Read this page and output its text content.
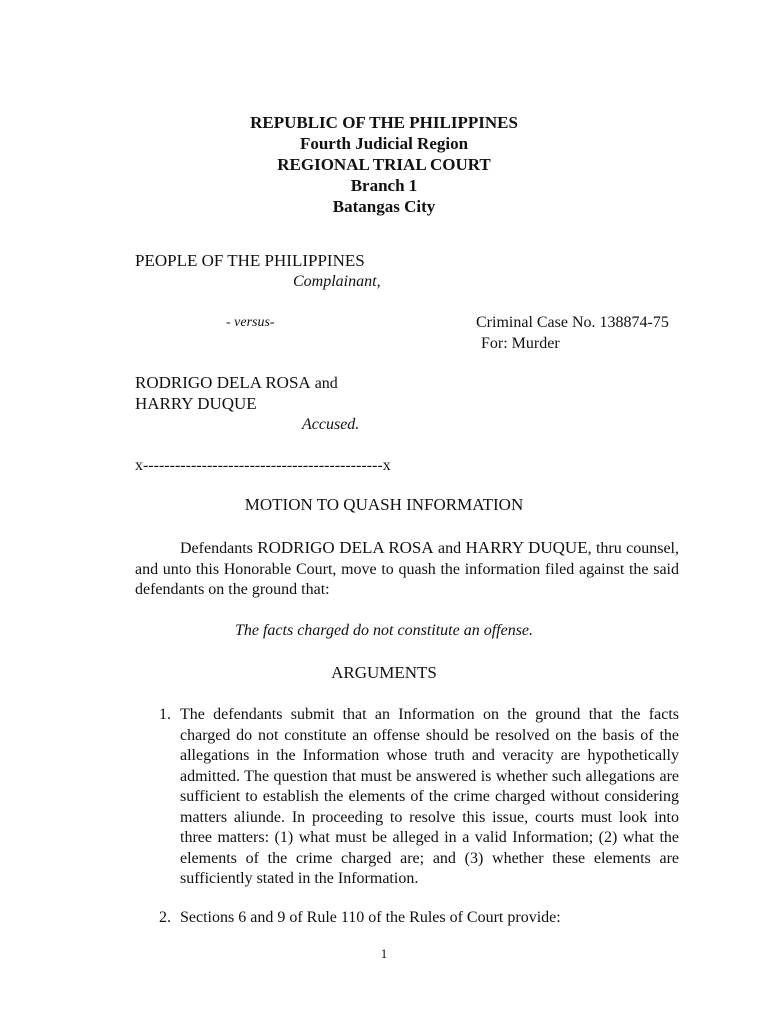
REPUBLIC OF THE PHILIPPINES
Fourth Judicial Region
REGIONAL TRIAL COURT
Branch 1
Batangas City
PEOPLE OF THE PHILIPPINES
Complainant,
- versus-	Criminal Case No. 138874-75
For: Murder
RODRIGO DELA ROSA and
HARRY DUQUE
Accused.
x---------------------------------------------x
MOTION TO QUASH INFORMATION
Defendants RODRIGO DELA ROSA and HARRY DUQUE, thru counsel, and unto this Honorable Court, move to quash the information filed against the said defendants on the ground that:
The facts charged do not constitute an offense.
ARGUMENTS
1. The defendants submit that an Information on the ground that the facts charged do not constitute an offense should be resolved on the basis of the allegations in the Information whose truth and veracity are hypothetically admitted. The question that must be answered is whether such allegations are sufficient to establish the elements of the crime charged without considering matters aliunde. In proceeding to resolve this issue, courts must look into three matters: (1) what must be alleged in a valid Information; (2) what the elements of the crime charged are; and (3) whether these elements are sufficiently stated in the Information.
2. Sections 6 and 9 of Rule 110 of the Rules of Court provide:
1
